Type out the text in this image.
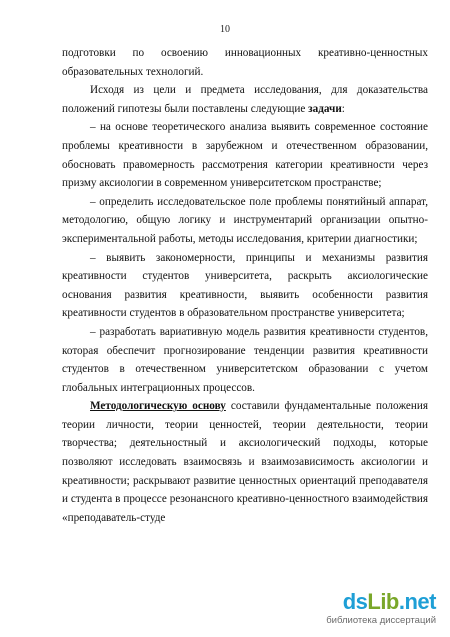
10

подготовки по освоению инновационных креативно-ценностных образовательных технологий.

Исходя из цели и предмета исследования, для доказательства положений гипотезы были поставлены следующие задачи:

– на основе теоретического анализа выявить современное состояние проблемы креативности в зарубежном и отечественном образовании, обосновать правомерность рассмотрения категории креативности через призму аксиологии в современном университетском пространстве;

– определить исследовательское поле проблемы понятийный аппарат, методологию, общую логику и инструментарий организации опытно-экспериментальной работы, методы исследования, критерии диагностики;

– выявить закономерности, принципы и механизмы развития креативности студентов университета, раскрыть аксиологические основания развития креативности, выявить особенности развития креативности студентов в образовательном пространстве университета;

– разработать вариативную модель развития креативности студентов, которая обеспечит прогнозирование тенденции развития креативности студентов в отечественном университетском образовании с учетом глобальных интеграционных процессов.

Методологическую основу составили фундаментальные положения теории личности, теории ценностей, теории деятельности, теории творчества; деятельностный и аксиологический подходы, которые позволяют исследовать взаимосвязь и взаимозависимость аксиологии и креативности; раскрывают развитие ценностных ориентаций преподавателя и студента в процессе резонансного креативно-ценностного взаимодействия «преподаватель-студе

dsLib.net
библиотека диссертаций
